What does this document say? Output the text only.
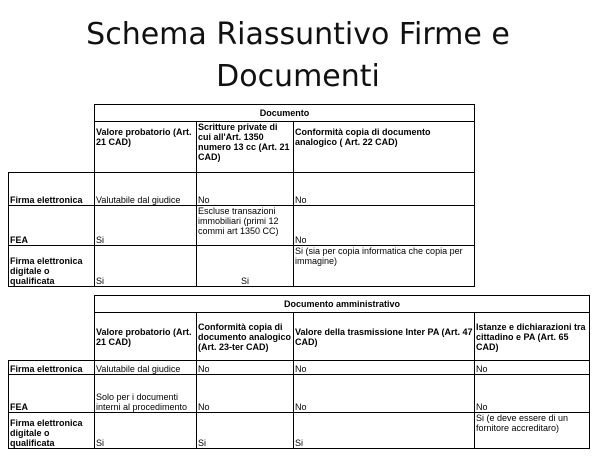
Schema Riassuntivo Firme e
Documenti
	Documento		
	Valore probatorio (Art. 21 CAD)	Scritture private di cui all'Art. 1350 numero 13 cc (Art. 21 CAD)	Conformità copia di documento analogico ( Art. 22 CAD)
Firma elettronica	Valutabile dal giudice	No	No
FEA	Si	Escluse transazioni immobiliari (primi 12 commi art 1350 CC)	No
Firma elettronica digitale o qualificata	Si	Si	Si (sia per copia informatica che copia per immagine)
	Documento amministrativo			
	Valore probatorio (Art. 21 CAD)	Conformità copia di documento analogico (Art. 23-ter CAD)	Valore della trasmissione Inter PA (Art. 47 CAD)	Istanze e dichiarazioni tra cittadino e PA (Art. 65 CAD)
Firma elettronica	Valutabile dal giudice	No	No	No
FEA	Solo per i documenti interni al procedimento	No	No	No
Firma elettronica digitale o qualificata	Si	Si	Si	Si (e deve essere di un fornitore accreditaro)
